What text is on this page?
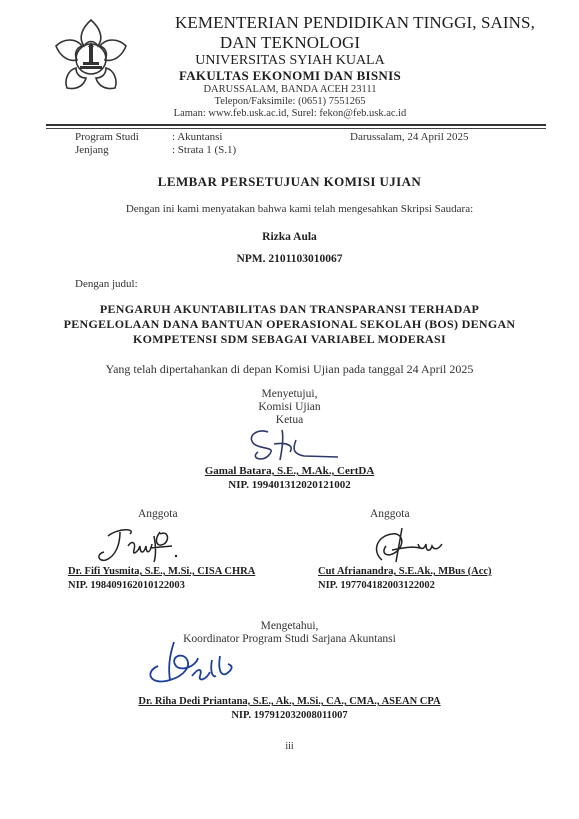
KEMENTERIAN PENDIDIKAN TINGGI, SAINS,
DAN TEKNOLOGI
UNIVERSITAS SYIAH KUALA
FAKULTAS EKONOMI DAN BISNIS
DARUSSALAM, BANDA ACEH 23111
Telepon/Faksimile: (0651) 7551265
Laman: www.feb.usk.ac.id, Surel: fekon@feb.usk.ac.id
Program Studi	: Akuntansi
Jenjang	: Strata 1 (S.1)
Darussalam, 24 April 2025
LEMBAR PERSETUJUAN KOMISI UJIAN
Dengan ini kami menyatakan bahwa kami telah mengesahkan Skripsi Saudara:
Rizka Aula
NPM. 2101103010067
Dengan judul:
PENGARUH AKUNTABILITAS DAN TRANSPARANSI TERHADAP
PENGELOLAAN DANA BANTUAN OPERASIONAL SEKOLAH (BOS) DENGAN
KOMPETENSI SDM SEBAGAI VARIABEL MODERASI
Yang telah dipertahankan di depan Komisi Ujian pada tanggal 24 April 2025
Menyetujui,
Komisi Ujian
Ketua
Gamal Batara, S.E., M.Ak., CertDA
NIP. 199401312020121002
Anggota	Anggota
Dr. Fifi Yusmita, S.E., M.Si., CISA CHRA
NIP. 198409162010122003
Cut Afrianandra, S.E.Ak., MBus (Acc)
NIP. 197704182003122002
Mengetahui,
Koordinator Program Studi Sarjana Akuntansi
Dr. Riha Dedi Priantana, S.E., Ak., M.Si., CA., CMA., ASEAN CPA
NIP. 197912032008011007
iii
